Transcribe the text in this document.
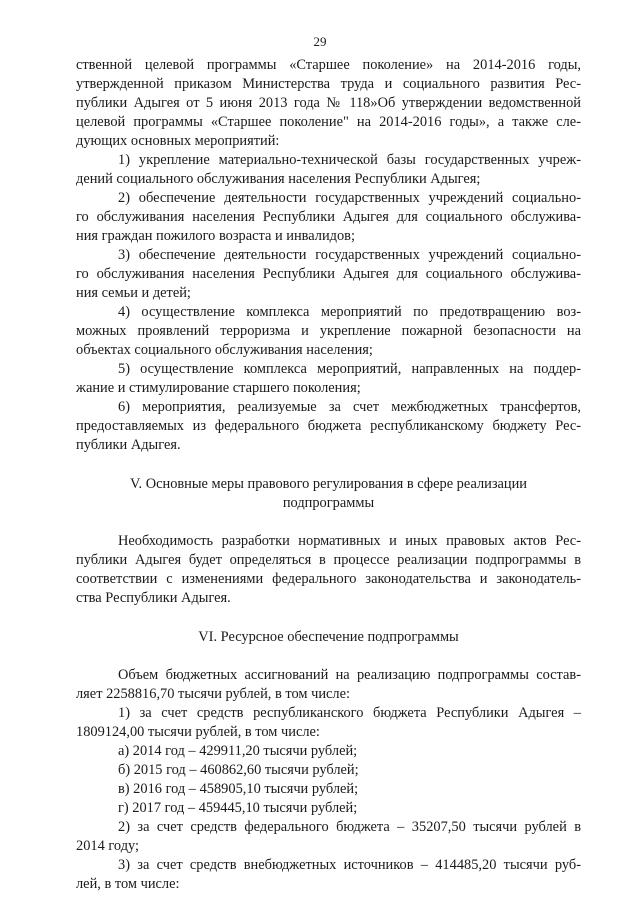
29
ственной целевой программы «Старшее поколение» на 2014-2016 годы,
утвержденной приказом Министерства труда и социального развития Рес-
публики Адыгея от 5 июня 2013 года № 118»Об утверждении ведомственной
целевой программы «Старшее поколение" на 2014-2016 годы», а также сле-
дующих основных мероприятий:
1) укрепление материально-технической базы государственных учреж-
дений социального обслуживания населения Республики Адыгея;
2) обеспечение деятельности государственных учреждений социально-
го обслуживания населения Республики Адыгея для социального обслужива-
ния граждан пожилого возраста и инвалидов;
3) обеспечение деятельности государственных учреждений социально-
го обслуживания населения Республики Адыгея для социального обслужива-
ния семьи и детей;
4) осуществление комплекса мероприятий по предотвращению воз-
можных проявлений терроризма и укрепление пожарной безопасности на
объектах социального обслуживания населения;
5) осуществление комплекса мероприятий, направленных на поддер-
жание и стимулирование старшего поколения;
6) мероприятия, реализуемые за счет межбюджетных трансфертов,
предоставляемых из федерального бюджета республиканскому бюджету Рес-
публики Адыгея.
V. Основные меры правового регулирования в сфере реализации
подпрограммы
Необходимость разработки нормативных и иных правовых актов Рес-
публики Адыгея будет определяться в процессе реализации подпрограммы в
соответствии с изменениями федерального законодательства и законодатель-
ства Республики Адыгея.
VI. Ресурсное обеспечение подпрограммы
Объем бюджетных ассигнований на реализацию подпрограммы состав-
ляет 2258816,70 тысячи рублей, в том числе:
1) за счет средств республиканского бюджета Республики Адыгея –
1809124,00 тысячи рублей, в том числе:
а) 2014 год – 429911,20 тысячи рублей;
б) 2015 год – 460862,60 тысячи рублей;
в) 2016 год – 458905,10 тысячи рублей;
г) 2017 год – 459445,10 тысячи рублей;
2) за счет средств федерального бюджета – 35207,50 тысячи рублей в
2014 году;
3) за счет средств внебюджетных источников – 414485,20 тысячи руб-
лей, в том числе:
